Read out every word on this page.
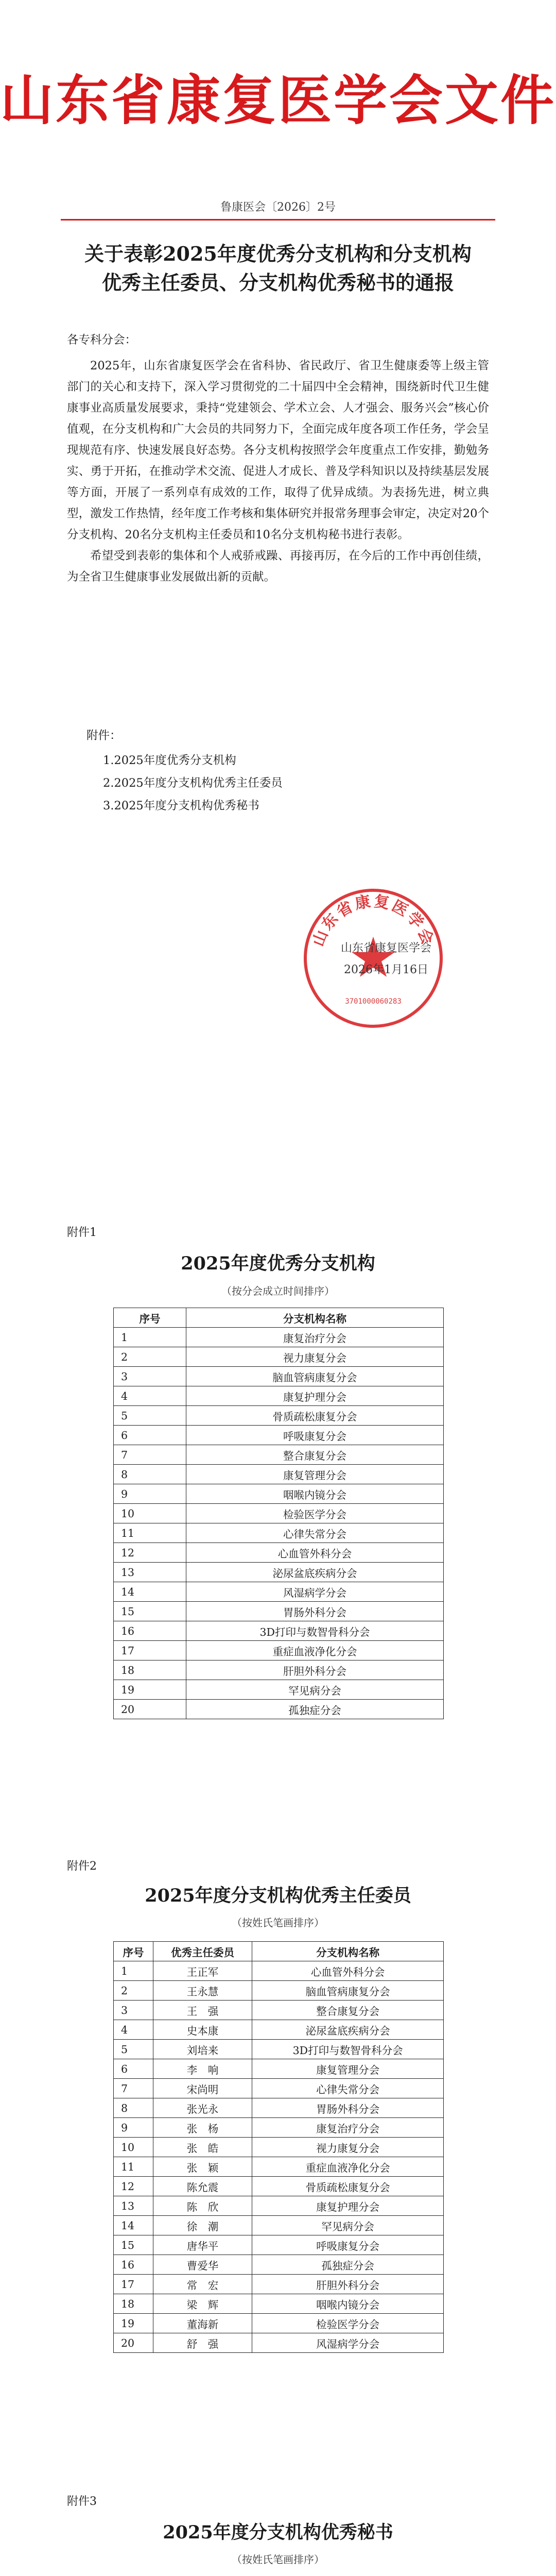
山东省康复医学会文件
鲁康医会〔2026〕2号
关于表彰2025年度优秀分支机构和分支机构
优秀主任委员、分支机构优秀秘书的通报
各专科分会：

2025年，山东省康复医学会在省科协、省民政厅、省卫生健康委等上级主管部门的关心和支持下，深入学习贯彻党的二十届四中全会精神，围绕新时代卫生健康事业高质量发展要求，秉持“党建领会、学术立会、人才强会、服务兴会”核心价值观，在分支机构和广大会员的共同努力下，全面完成年度各项工作任务，学会呈现规范有序、快速发展良好态势。各分支机构按照学会年度重点工作安排，勤勉务实、勇于开拓，在推动学术交流、促进人才成长、普及学科知识以及持续基层发展等方面，开展了一系列卓有成效的工作，取得了优异成绩。为表扬先进，树立典型，激发工作热情，经年度工作考核和集体研究并报常务理事会审定，决定对20个分支机构、20名分支机构主任委员和10名分支机构秘书进行表彰。

希望受到表彰的集体和个人戒骄戒躁、再接再厉，在今后的工作中再创佳绩，为全省卫生健康事业发展做出新的贡献。

附件：
1.2025年度优秀分支机构
2.2025年度分支机构优秀主任委员
3.2025年度分支机构优秀秘书
山东省康复医学会
3701000060283
山东省康复医学会
2026年1月16日
附件1
2025年度优秀分支机构
（按分会成立时间排序）
序号	分支机构名称
1	康复治疗分会
2	视力康复分会
3	脑血管病康复分会
4	康复护理分会
5	骨质疏松康复分会
6	呼吸康复分会
7	整合康复分会
8	康复管理分会
9	咽喉内镜分会
10	检验医学分会
11	心律失常分会
12	心血管外科分会
13	泌尿盆底疾病分会
14	风湿病学分会
15	胃肠外科分会
16	3D打印与数智骨科分会
17	重症血液净化分会
18	肝胆外科分会
19	罕见病分会
20	孤独症分会
附件2
2025年度分支机构优秀主任委员
（按姓氏笔画排序）
序号	优秀主任委员	分支机构名称
1	王正军	心血管外科分会
2	王永慧	脑血管病康复分会
3	王　强	整合康复分会
4	史本康	泌尿盆底疾病分会
5	刘培来	3D打印与数智骨科分会
6	李　响	康复管理分会
7	宋尚明	心律失常分会
8	张光永	胃肠外科分会
9	张　杨	康复治疗分会
10	张　皓	视力康复分会
11	张　颖	重症血液净化分会
12	陈允震	骨质疏松康复分会
13	陈　欣	康复护理分会
14	徐　潮	罕见病分会
15	唐华平	呼吸康复分会
16	曹爱华	孤独症分会
17	常　宏	肝胆外科分会
18	梁　辉	咽喉内镜分会
19	董海新	检验医学分会
20	舒　强	风湿病学分会
附件3
2025年度分支机构优秀秘书
（按姓氏笔画排序）
